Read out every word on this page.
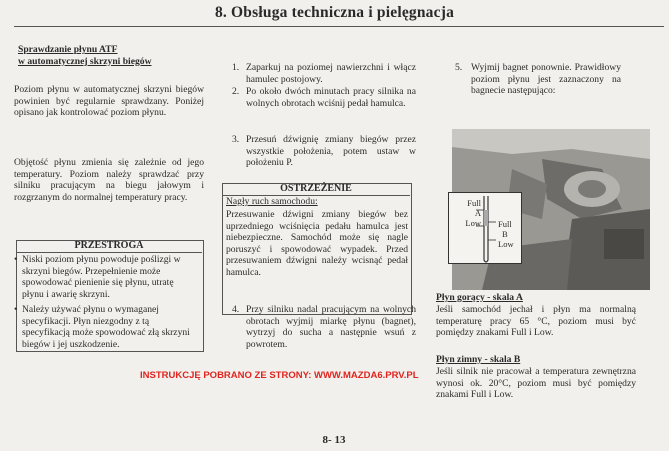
8. Obsługa techniczna i pielęgnacja
Sprawdzanie płynu ATF
w automatycznej skrzyni biegów
Poziom płynu w automatycznej skrzyni biegów powinien być regularnie sprawdzany. Poniżej opisano jak kontrolować poziom płynu.
Objętość płynu zmienia się zależnie od jego temperatury. Poziom należy sprawdzać przy silniku pracującym na biegu jałowym i rozgrzanym do normalnej temperatury pracy.
PRZESTROGA
• Niski poziom płynu powoduje poślizgi w skrzyni biegów. Przepełnienie może spowodować pienienie się płynu, utratę płynu i awarię skrzyni.
• Należy używać płynu o wymaganej specyfikacji. Płyn niezgodny z tą specyfikacją może spowodować złą skrzyni biegów i jej uszkodzenie.
1. Zaparkuj na poziomej nawierzchni i włącz hamulec postojowy.
2. Po około dwóch minutach pracy silnika na wolnych obrotach wciśnij pedał hamulca.
3. Przesuń dźwignię zmiany biegów przez wszystkie położenia, potem ustaw w położeniu P.
OSTRZEŻENIE
Nagły ruch samochodu:
Przesuwanie dźwigni zmiany biegów bez uprzedniego wciśnięcia pedału hamulca jest niebezpieczne. Samochód może się nagle poruszyć i spowodować wypadek. Przed przesuwaniem dźwigni należy wcisnąć pedał hamulca.
4. Przy silniku nadal pracującym na wolnych obrotach wyjmij miarkę płynu (bagnet), wytrzyj do sucha a następnie wsuń z powrotem.
5. Wyjmij bagnet ponownie. Prawidłowy poziom płynu jest zaznaczony na bagnecie następująco:
Full
A
Low Full
B
Low
Płyn gorący - skala A
Jeśli samochód jechał i płyn ma normalną temperaturę pracy 65 °C, poziom musi być pomiędzy znakami Full i Low.
Płyn zimny - skala B
Jeśli silnik nie pracował a temperatura zewnętrzna wynosi ok. 20°C, poziom musi być pomiędzy znakami Full i Low.
INSTRUKCJĘ POBRANO ZE STRONY: WWW.MAZDA6.PRV.PL
8- 13
